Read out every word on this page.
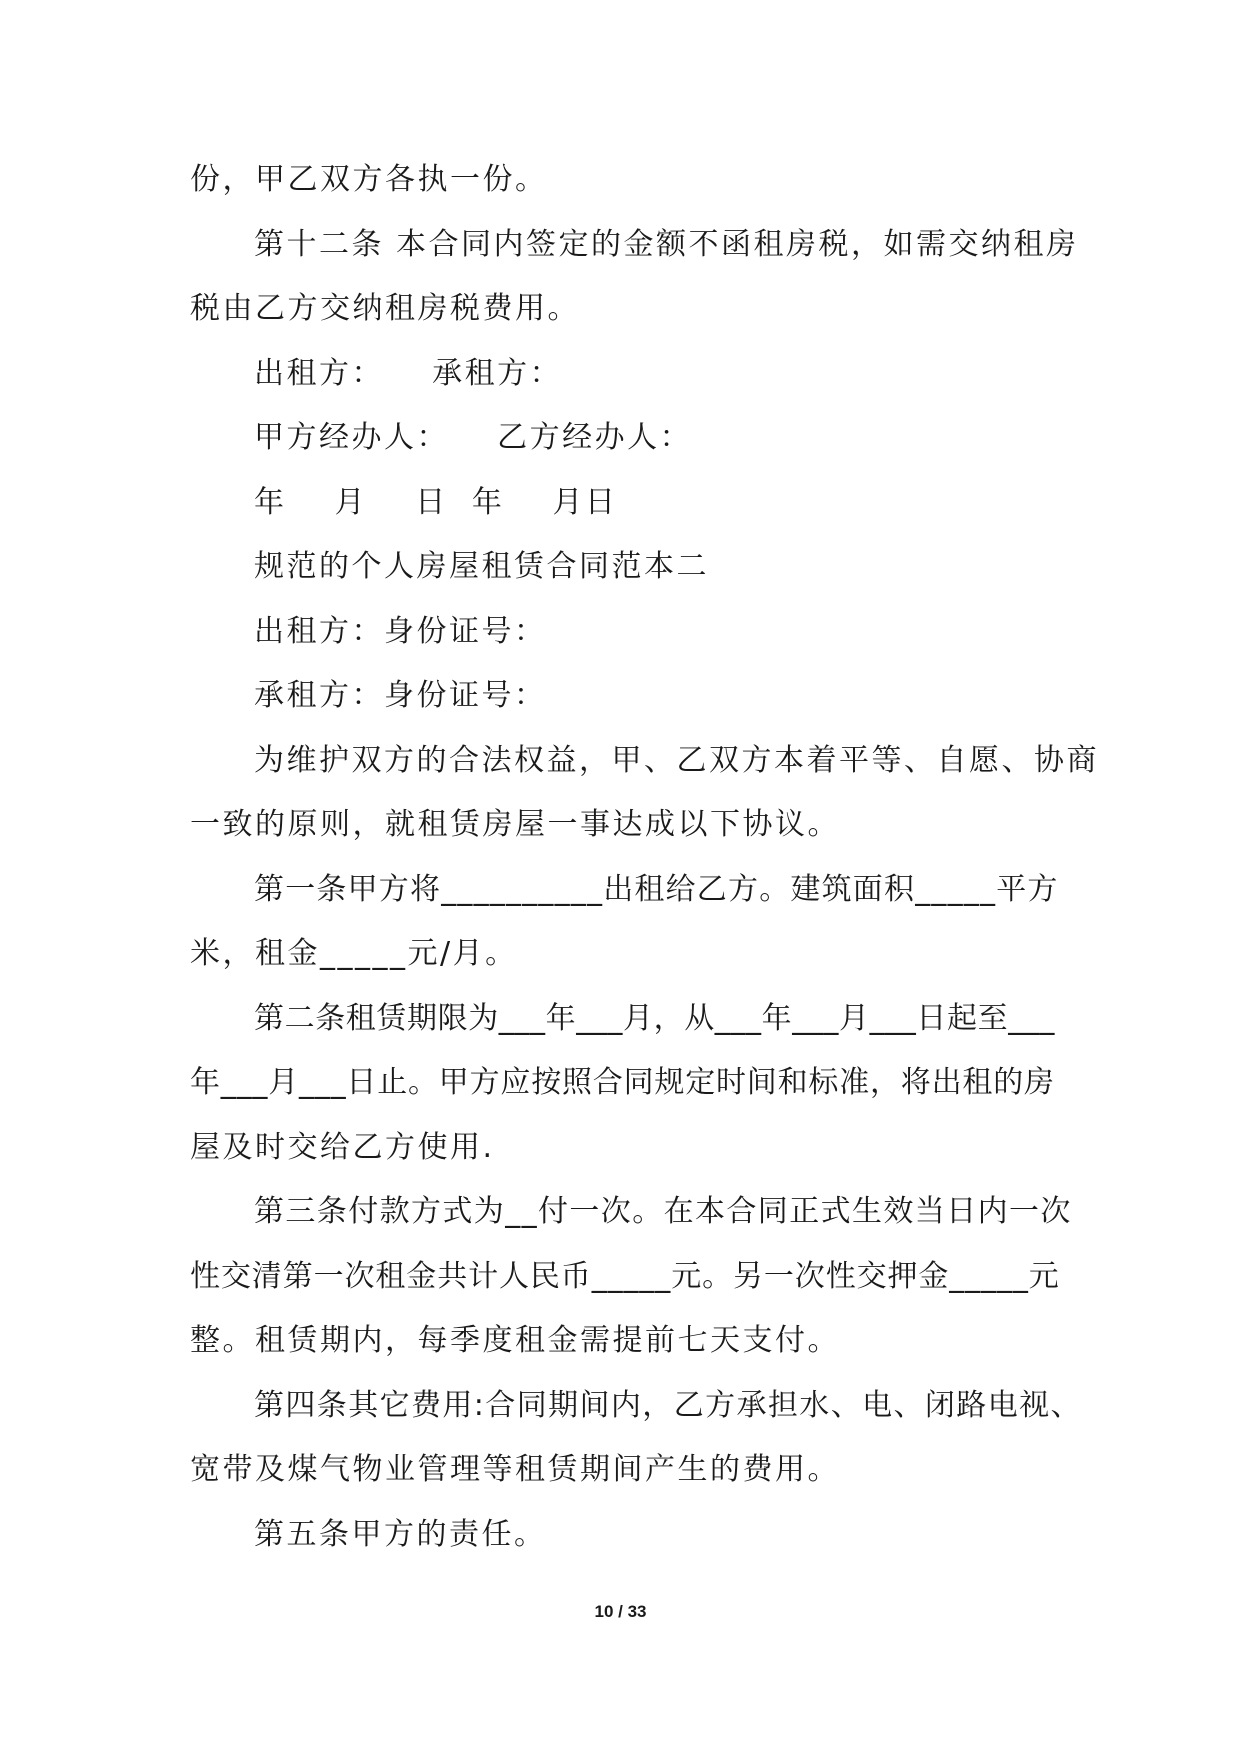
份，甲乙双方各执一份。
第十二条 本合同内签定的金额不函租房税，如需交纳租房
税由乙方交纳租房税费用。
出租方：    承租方：
甲方经办人：    乙方经办人：
年    月    日  年    月日
规范的个人房屋租赁合同范本二
出租方：身份证号：
承租方：身份证号：
为维护双方的合法权益，甲、乙双方本着平等、自愿、协商
一致的原则，就租赁房屋一事达成以下协议。
第一条甲方将__________出租给乙方。建筑面积_____平方
米，租金_____元/月。
第二条租赁期限为___年___月，从___年___月___日起至___
年___月___日止。甲方应按照合同规定时间和标准，将出租的房
屋及时交给乙方使用.
第三条付款方式为__付一次。在本合同正式生效当日内一次
性交清第一次租金共计人民币_____元。另一次性交押金_____元
整。租赁期内，每季度租金需提前七天支付。
第四条其它费用:合同期间内，乙方承担水、电、闭路电视、
宽带及煤气物业管理等租赁期间产生的费用。
第五条甲方的责任。
10 / 33
